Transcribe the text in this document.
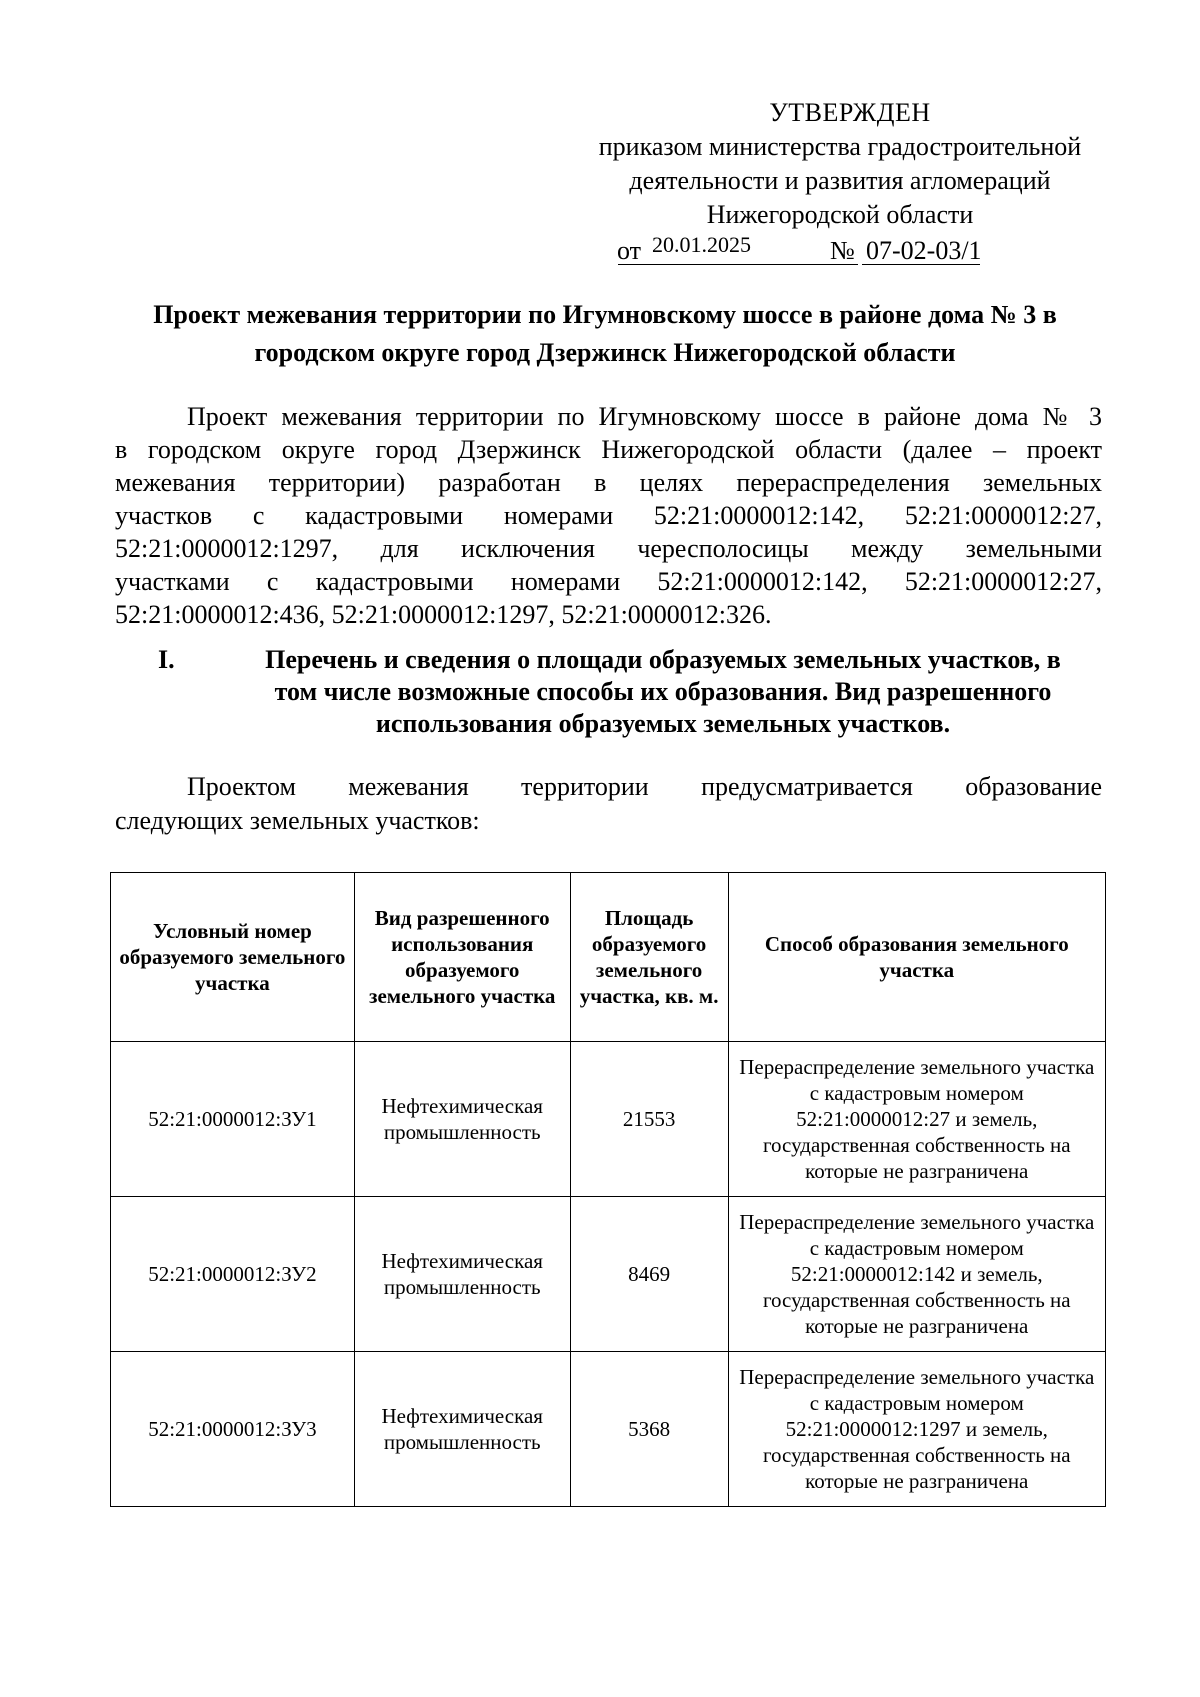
УТВЕРЖДЕН
приказом министерства градостроительной
деятельности и развития агломераций
Нижегородской области
от 20.01.2025	№ 07-02-03/1
Проект межевания территории по Игумновскому шоссе в районе дома № 3 в
городском округе город Дзержинск Нижегородской области
Проект межевания территории по Игумновскому шоссе в районе дома № 3
в городском округе город Дзержинск Нижегородской области (далее – проект
межевания территории) разработан в целях перераспределения земельных
участков с кадастровыми номерами 52:21:0000012:142, 52:21:0000012:27,
52:21:0000012:1297, для исключения чересполосицы между земельными
участками с кадастровыми номерами 52:21:0000012:142, 52:21:0000012:27,
52:21:0000012:436, 52:21:0000012:1297, 52:21:0000012:326.
I.	Перечень и сведения о площади образуемых земельных участков, в
том числе возможные способы их образования. Вид разрешенного
использования образуемых земельных участков.
Проектом межевания территории предусматривается образование
следующих земельных участков:
Условный номер образуемого земельного участка	Вид разрешенного использования образуемого земельного участка	Площадь образуемого земельного участка, кв. м.	Способ образования земельного участка
52:21:0000012:ЗУ1	Нефтехимическая промышленность	21553	Перераспределение земельного участка с кадастровым номером 52:21:0000012:27 и земель, государственная собственность на которые не разграничена
52:21:0000012:ЗУ2	Нефтехимическая промышленность	8469	Перераспределение земельного участка с кадастровым номером 52:21:0000012:142 и земель, государственная собственность на которые не разграничена
52:21:0000012:ЗУ3	Нефтехимическая промышленность	5368	Перераспределение земельного участка с кадастровым номером 52:21:0000012:1297 и земель, государственная собственность на которые не разграничена
